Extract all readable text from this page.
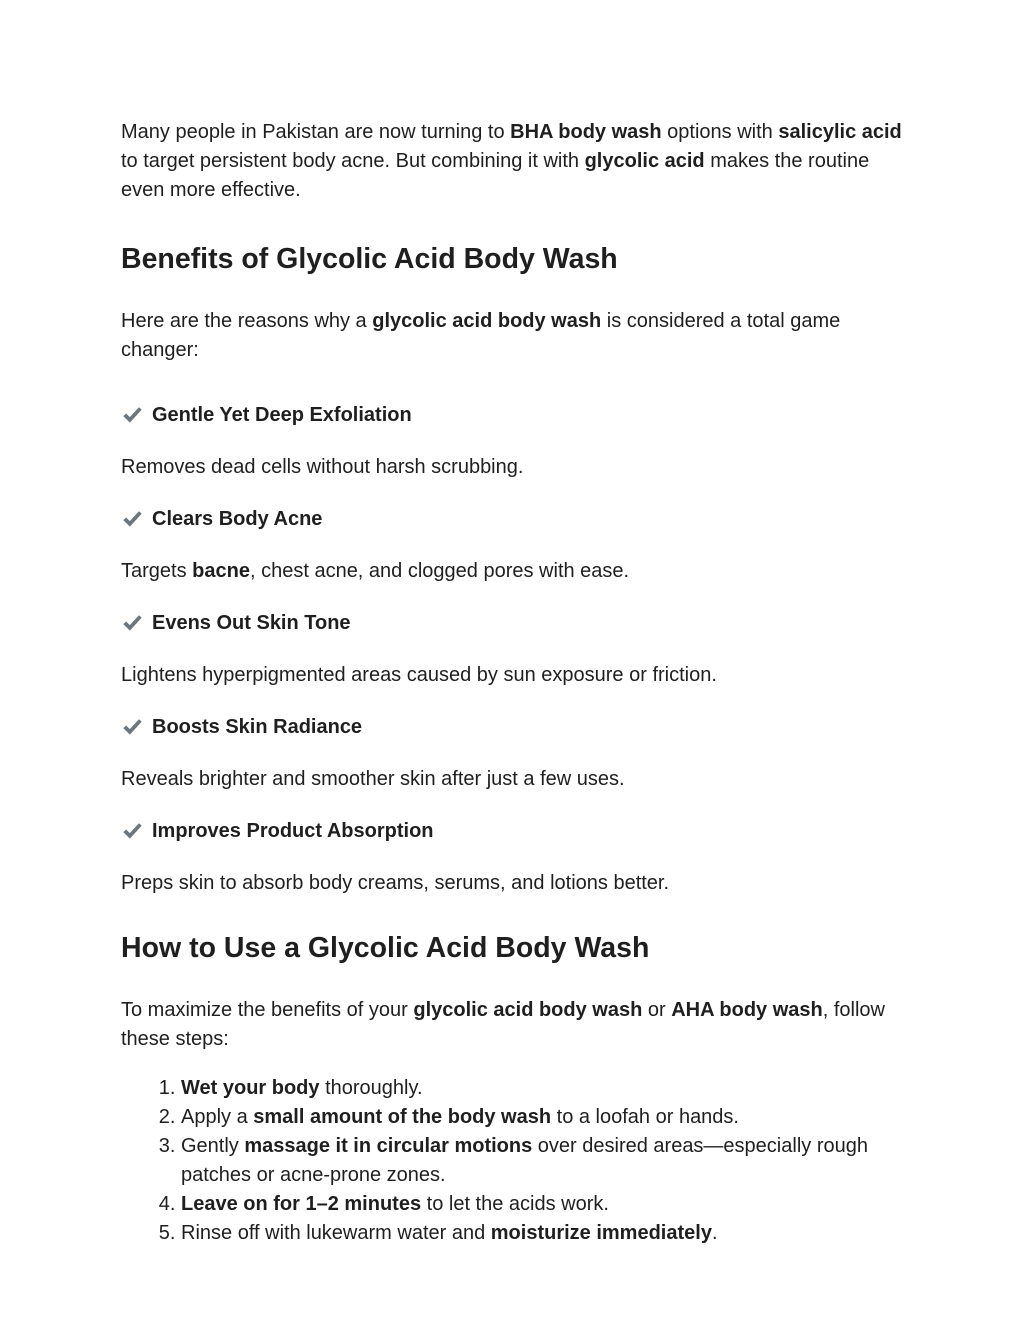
Many people in Pakistan are now turning to BHA body wash options with salicylic acid to target persistent body acne. But combining it with glycolic acid makes the routine even more effective.

Benefits of Glycolic Acid Body Wash

Here are the reasons why a glycolic acid body wash is considered a total game changer:

Gentle Yet Deep Exfoliation

Removes dead cells without harsh scrubbing.

Clears Body Acne

Targets bacne, chest acne, and clogged pores with ease.

Evens Out Skin Tone

Lightens hyperpigmented areas caused by sun exposure or friction.

Boosts Skin Radiance

Reveals brighter and smoother skin after just a few uses.

Improves Product Absorption

Preps skin to absorb body creams, serums, and lotions better.

How to Use a Glycolic Acid Body Wash

To maximize the benefits of your glycolic acid body wash or AHA body wash, follow these steps:

1. Wet your body thoroughly.
2. Apply a small amount of the body wash to a loofah or hands.
3. Gently massage it in circular motions over desired areas—especially rough patches or acne-prone zones.
4. Leave on for 1–2 minutes to let the acids work.
5. Rinse off with lukewarm water and moisturize immediately.
